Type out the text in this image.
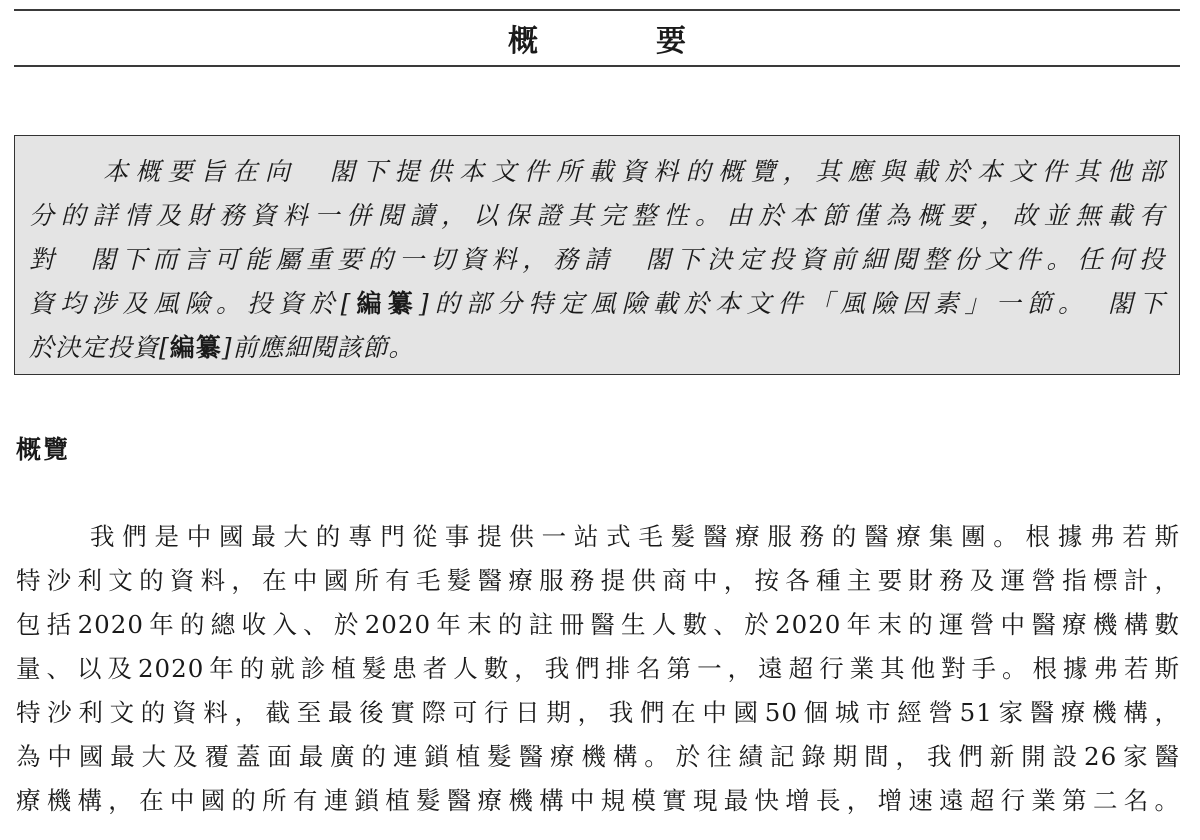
概　要
本概要旨在向　閣下提供本文件所載資料的概覽，其應與載於本文件其他部
分的詳情及財務資料一併閱讀，以保證其完整性。由於本節僅為概要，故並無載有
對　閣下而言可能屬重要的一切資料，務請　閣下決定投資前細閱整份文件。任何投
資均涉及風險。投資於[編纂]的部分特定風險載於本文件「風險因素」一節。　閣下
於決定投資[編纂]前應細閱該節。
概覽
我們是中國最大的專門從事提供一站式毛髮醫療服務的醫療集團。根據弗若斯
特沙利文的資料，在中國所有毛髮醫療服務提供商中，按各種主要財務及運營指標計，
包括2020年的總收入、於2020年末的註冊醫生人數、於2020年末的運營中醫療機構數
量、以及2020年的就診植髮患者人數，我們排名第一，遠超行業其他對手。根據弗若斯
特沙利文的資料，截至最後實際可行日期，我們在中國50個城市經營51家醫療機構，
為中國最大及覆蓋面最廣的連鎖植髮醫療機構。於往績記錄期間，我們新開設26家醫
療機構，在中國的所有連鎖植髮醫療機構中規模實現最快增長，增速遠超行業第二名。
